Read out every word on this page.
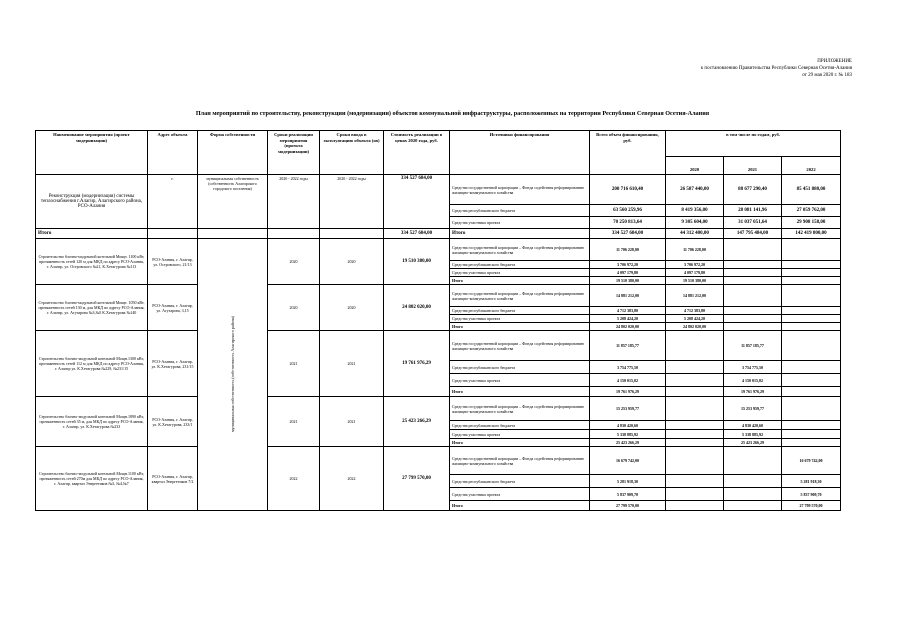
ПРИЛОЖЕНИЕ
к постановлению Правительства Республики Северная Осетия-Алания
от 29 мая 2020 г. № 183
План мероприятий по строительству, реконструкции (модернизации) объектов коммунальной инфраструктуры, расположенных на территории Республики Северная Осетия-Алания
Наименование мероприятия (проект модернизации)	Адрес объекта	Форма собственности	Сроки реализации мероприятия (проекта модернизации)	Сроки ввода в эксплуатацию объекта (ов)	Стоимость реализации в ценах 2020 года, руб.	Источники финансирования	Всего объем финансирования, руб.	в том числе по годам, руб.		
								2020	2021	2022
Реконструкция (модернизация) системы теплоснабжения г.Алагир, Алагирского района, РСО-Алания	г.	муниципальная собственность (собственность Алагирского городского поселения)	2020 - 2022 годы	2020 - 2022 годы	334 527 684,00	Средства государственной корпорации – Фонда содействия реформированию жилищно-коммунального хозяйства	200 716 610,40	26 587 440,00	88 677 290,40	85 451 880,00
						Средства республиканского бюджета	63 560 259,96	8 419 356,00	28 081 141,96	27 059 762,00
						Средства участника проекта	70 250 813,64	9 305 604,00	31 037 051,64	29 908 158,00
Итого					334 527 684,00	Итого	334 527 684,00	44 312 400,00	147 795 484,00	142 419 800,00
Строительство блочно-модульной котельной Мощн. 1100 кВт, протяженность сетей 120 м для МКД по адресу РСО-Алания, г. Алагир, ул. Островского №21, К.Хетагурова №113	РСО-Алания, г. Алагир, ул. Островского, 21/13	муниципальная собственность (собственность Алагирского района)	2020	2020	19 510 380,00	Средства государственной корпорации – Фонда содействия реформированию жилищно-коммунального хозяйства	11 706 228,00	11 706 228,00		
						Средства республиканского бюджета	3 706 972,20	3 706 972,20		
						Средства участника проекта	4 097 179,80	4 097 179,80		
						Итого	19 510 380,00	19 510 380,00		
Строительство блочно-модульной котельной Мощн. 1050 кВт, протяженность сетей 130 м, для МКД по адресу РСО-Алания, г. Алагир, ул. Агузарова №3,№5 К.Хетагурова №140	РСО-Алания, г. Алагир, ул. Агузарова, 3,15		2020	2020	24 802 020,00	Средства государственной корпорации – Фонда содействия реформированию жилищно-коммунального хозяйства	14 881 212,00	14 881 212,00		
						Средства республиканского бюджета	4 712 383,80	4 712 383,80		
						Средства участника проекта	5 208 424,20	5 208 424,20		
						Итого	24 802 020,00	24 802 020,00		
Строительство блочно-модульной котельной Мощн.1300 кВт, протяженность сетей 112 м для МКД по адресу РСО-Алания, г. Алагир ул. К.Хетагурова №229, №231/15	РСО-Алания, г. Алагир, ул. К.Хетагурова, 231/15		2021	2021	19 761 976,29	Средства государственной корпорации – Фонда содействия реформированию жилищно-коммунального хозяйства	11 857 185,77		11 857 185,77	
						Средства республиканского бюджета	3 754 775,50		3 754 775,50	
						Средства участника проекта	4 150 015,02		4 150 015,02	
						Итого	19 761 976,29		19 761 976,29	
Строительство блочно-модульной котельной Мощн.1890 кВт, протяженность сетей 35 м, для МКД по адресу РСО-Алания, г. Алагир, ул. К.Хетагурова №233	РСО-Алания, г. Алагир, ул. К.Хетагурова, 233/1		2021	2021	25 423 266,29	Средства государственной корпорации – Фонда содействия реформированию жилищно-коммунального хозяйства	15 253 959,77		15 253 959,77	
						Средства республиканского бюджета	4 830 420,60		4 830 420,60	
						Средства участника проекта	5 338 885,92		5 338 885,92	
						Итого	25 423 266,29		25 423 266,29	
Строительство блочно-модульной котельной Мощн.1100 кВт, протяженность сетей 270м для МКД по адресу РСО-Алания, г. Алагир, квартал Энергетиков №3, №4,№7	РСО-Алания, г. Алагир, квартал Энергетиков 7/2		2022	2022	27 799 570,00	Средства государственной корпорации – Фонда содействия реформированию жилищно-коммунального хозяйства	16 679 742,00			16 679 742,00
						Средства республиканского бюджета	5 281 918,30			5 281 918,30
						Средства участника проекта	5 837 909,70			5 837 909,70
						Итого	27 799 570,00			27 799 570,00
